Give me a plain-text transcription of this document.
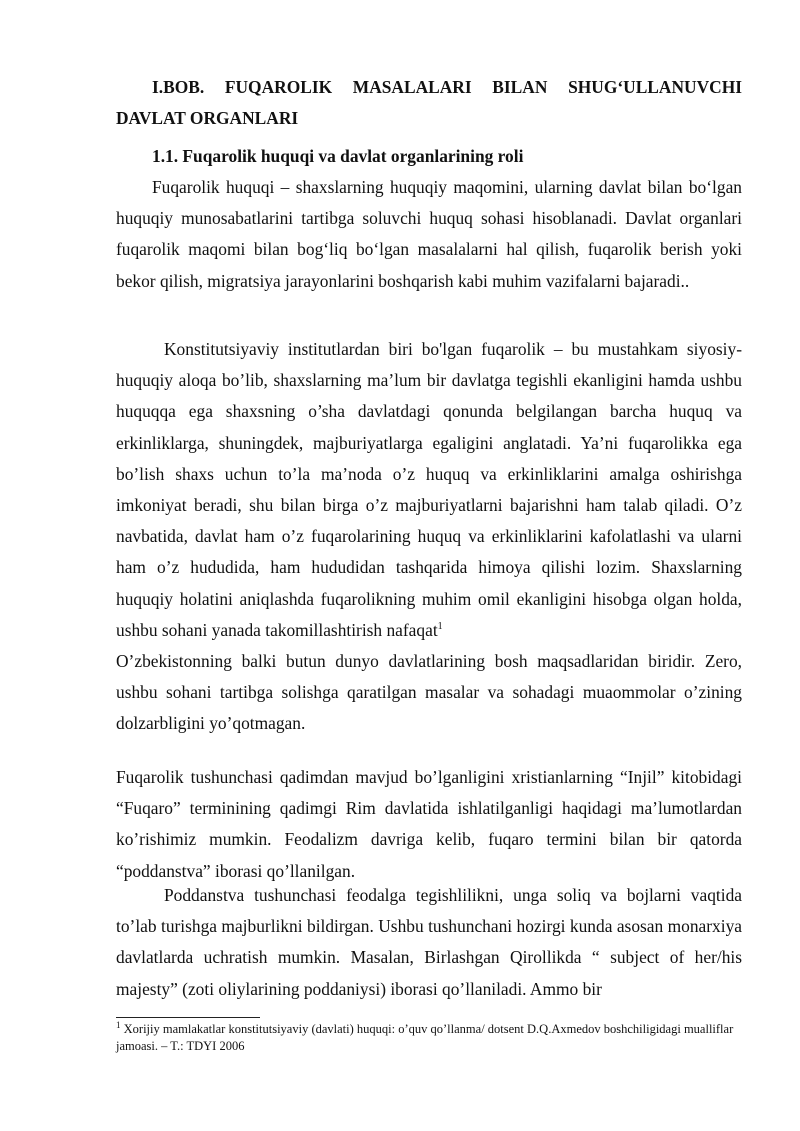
I.BOB. FUQAROLIK MASALALARI BILAN SHUG‘ULLANUVCHI DAVLAT ORGANLARI
1.1. Fuqarolik huquqi va davlat organlarining roli
Fuqarolik huquqi – shaxslarning huquqiy maqomini, ularning davlat bilan bo‘lgan huquqiy munosabatlarini tartibga soluvchi huquq sohasi hisoblanadi. Davlat organlari fuqarolik maqomi bilan bog‘liq bo‘lgan masalalarni hal qilish, fuqarolik berish yoki bekor qilish, migratsiya jarayonlarini boshqarish kabi muhim vazifalarni bajaradi..
Konstitutsiyaviy institutlardan biri bo'lgan fuqarolik – bu mustahkam siyosiy-huquqiy aloqa bo’lib, shaxslarning ma’lum bir davlatga tegishli ekanligini hamda ushbu huquqqa ega shaxsning o’sha davlatdagi qonunda belgilangan barcha huquq va erkinliklarga, shuningdek, majburiyatlarga egaligini anglatadi. Ya’ni fuqarolikka ega bo’lish shaxs uchun to’la ma’noda o’z huquq va erkinliklarini amalga oshirishga imkoniyat beradi, shu bilan birga o’z majburiyatlarni bajarishni ham talab qiladi. O’z navbatida, davlat ham o’z fuqarolarining huquq va erkinliklarini kafolatlashi va ularni ham o’z hududida, ham hududidan tashqarida himoya qilishi lozim. Shaxslarning huquqiy holatini aniqlashda fuqarolikning muhim omil ekanligini hisobga olgan holda, ushbu sohani yanada takomillashtirish nafaqat$^1$
O’zbekistonning balki butun dunyo davlatlarining bosh maqsadlaridan biridir. Zero, ushbu sohani tartibga solishga qaratilgan masalar va sohadagi muaommolar o’zining dolzarbligini yo’qotmagan.
Fuqarolik tushunchasi qadimdan mavjud bo’lganligini xristianlarning “Injil” kitobidagi “Fuqaro” terminining qadimgi Rim davlatida ishlatilganligi haqidagi ma’lumotlardan ko’rishimiz mumkin. Feodalizm davriga kelib, fuqaro termini bilan bir qatorda “poddanstva” iborasi qo’llanilgan.
Poddanstva tushunchasi feodalga tegishlilikni, unga soliq va bojlarni vaqtida to’lab turishga majburlikni bildirgan. Ushbu tushunchani hozirgi kunda asosan monarxiya davlatlarda uchratish mumkin. Masalan, Birlashgan Qirollikda “ subject of her/his majesty” (zoti oliylarining poddaniysi) iborasi qo’llaniladi. Ammo bir
$^1$ Xorijiy mamlakatlar konstitutsiyaviy (davlati) huquqi: o’quv qo’llanma/ dotsent D.Q.Axmedov boshchiligidagi mualliflar jamoasi. – T.: TDYI 2006
